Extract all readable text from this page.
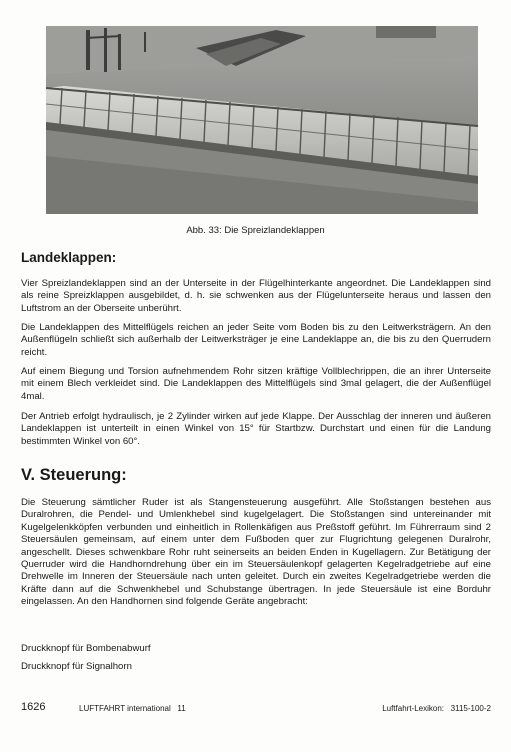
Abb. 33: Die Spreizlandeklappen
Landeklappen:

Vier Spreizlandeklappen sind an der Unterseite in der Flügelhinterkante angeordnet. Die Landeklappen sind als reine Spreizklappen ausgebildet, d. h. sie schwenken aus der Flügelunterseite heraus und lassen den Luftstrom an der Oberseite unberührt.

Die Landeklappen des Mittelflügels reichen an jeder Seite vom Boden bis zu den Leitwerksträgern. An den Außenflügeln schließt sich außerhalb der Leitwerksträger je eine Landeklappe an, die bis zu den Querrudern reicht.

Auf einem Biegung und Torsion aufnehmendem Rohr sitzen kräftige Vollblechrippen, die an ihrer Unterseite mit einem Blech verkleidet sind. Die Landeklappen des Mittelflügels sind 3mal gelagert, die der Außenflügel 4mal.

Der Antrieb erfolgt hydraulisch, je 2 Zylinder wirken auf jede Klappe. Der Ausschlag der inneren und äußeren Landeklappen ist unterteilt in einen Winkel von 15° für Startbzw. Durchstart und einen für die Landung bestimmten Winkel von 60°.

V. Steuerung:

Die Steuerung sämtlicher Ruder ist als Stangensteuerung ausgeführt. Alle Stoßstangen bestehen aus Duralrohren, die Pendel- und Umlenkhebel sind kugelgelagert. Die Stoßstangen sind untereinander mit Kugelgelenkköpfen verbunden und einheitlich in Rollenkäfigen aus Preßstoff geführt. Im Führerraum sind 2 Steuersäulen gemeinsam, auf einem unter dem Fußboden quer zur Flugrichtung gelegenen Duralrohr, angeschellt. Dieses schwenkbare Rohr ruht seinerseits an beiden Enden in Kugellagern. Zur Betätigung der Querruder wird die Handhorndrehung über ein im Steuersäulenkopf gelagerten Kegelradgetriebe auf eine Drehwelle im Inneren der Steuersäule nach unten geleitet. Durch ein zweites Kegelradgetriebe werden die Kräfte dann auf die Schwenkhebel und Schubstange übertragen. In jede Steuersäule ist eine Borduhr eingelassen. An den Handhornen sind folgende Geräte angebracht:

Druckknopf für Bombenabwurf

Druckknopf für Signalhorn

1626	LUFTFAHRT international   11	Luftfahrt-Lexikon:   3115-100-2
